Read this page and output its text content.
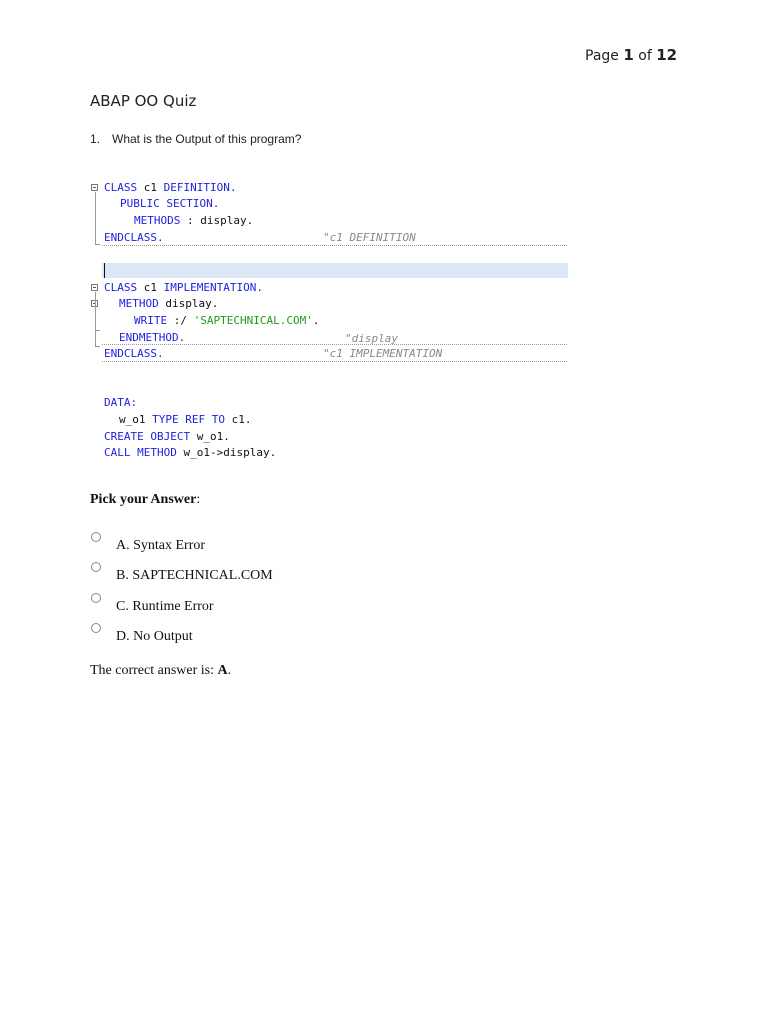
Page 1 of 12
ABAP OO Quiz
1. What is the Output of this program?
CLASS c1 DEFINITION.
PUBLIC SECTION.
METHODS : display.
ENDCLASS.	"c1 DEFINITION
CLASS c1 IMPLEMENTATION.
METHOD display.
WRITE :/ 'SAPTECHNICAL.COM'.
ENDMETHOD.	"display
ENDCLASS.	"c1 IMPLEMENTATION
DATA:
w_o1 TYPE REF TO c1.
CREATE OBJECT w_o1.
CALL METHOD w_o1->display.
Pick your Answer:
A. Syntax Error
B. SAPTECHNICAL.COM
C. Runtime Error
D. No Output
The correct answer is: A.
